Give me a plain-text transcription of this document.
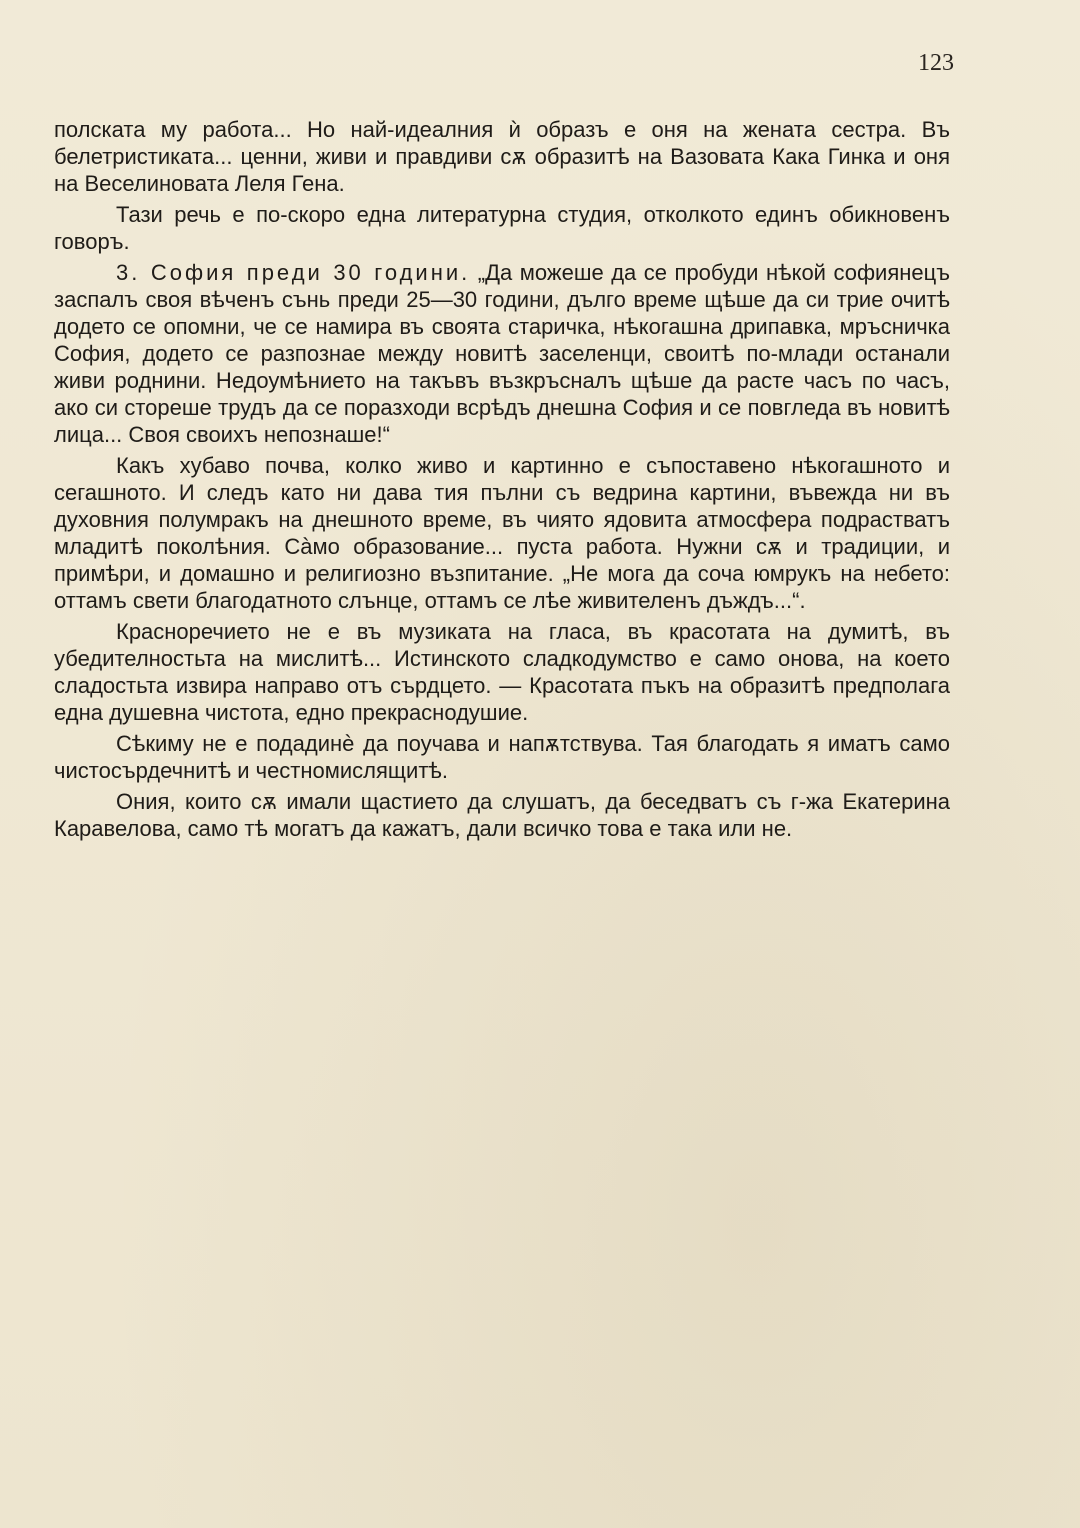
123

полската му работа... Но най-идеалния ѝ образъ е оня на женатa сестра. Въ белетристиката... ценни, живи и правдиви сѫ образитѣ на Вазовата Кака Гинка и оня на Веселиновата Леля Гена.

Тази речь е по-скоро една литературна студия, отколкото единъ обикновенъ говоръ.

3. София преди 30 години. „Да можеше да се пробуди нѣкой софиянецъ заспалъ своя вѣченъ сънь преди 25—30 години, дълго време щѣше да си трие очитѣ додето се опомни, че се намира въ своята старичка, нѣкогашна дрипавка, мръсничка София, додето се разпознае между новитѣ заселенци, своитѣ по-млади останали живи роднини. Недоумѣнието на такъвъ възкръсналъ щѣше да расте часъ по часъ, ако си стореше трудъ да се поразходи всрѣдъ днешна София и се повгледа въ новитѣ лица... Своя своихъ непознаше!“

Какъ хубаво почва, колко живо и картинно е съпоставено нѣкогашното и сегашното. И следъ като ни дава тия пълни съ ведрина картини, въвежда ни въ духовния полумракъ на днешното време, въ чиято ядовита атмосфера подрастватъ младитѣ поколѣния. Сàмо образование... пуста работа. Нужни сѫ и традиции, и примѣри, и домашно и религиозно възпитание. „Не мога да соча юмрукъ на небето: оттамъ свети благодатното слънце, оттамъ се лѣе живителенъ дъждъ...“.

Красноречието не е въ музиката на гласа, въ красотата на думитѣ, въ убедителностьта на мислитѣ... Истинското сладкодумство е само онова, на което сладостьта извира направо отъ сърдцето. — Красотата пъкъ на образитѣ предполага една душевна чистота, едно прекраснодушие.

Сѣкиму не е подадинè да поучава и напѫтствува. Тая благодать я иматъ само чистосърдечнитѣ и честномислящитѣ.

Ония, които сѫ имали щастието да слушатъ, да беседватъ съ г-жа Екатерина Каравелова, само тѣ могатъ да кажатъ, дали всичко това е така или не.
